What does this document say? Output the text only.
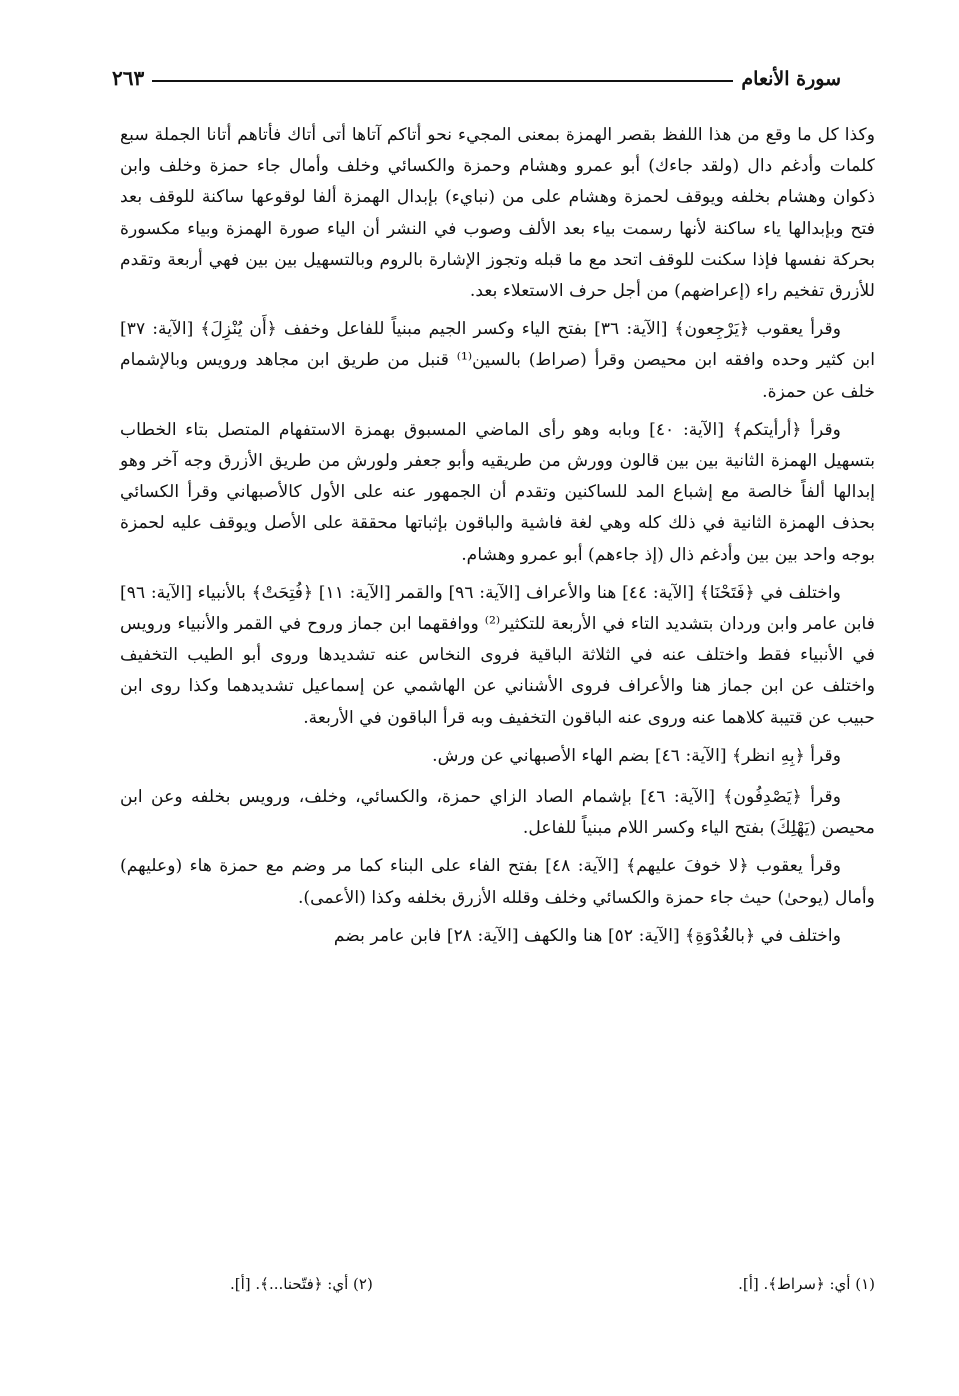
سورة الأنعام
٢٦٣

وكذا كل ما وقع من هذا اللفظ بقصر الهمزة بمعنى المجيء نحو أتاكم آتاها أتى أتاك فأتاهم أتانا الجملة سبع كلمات وأدغم دال (ولقد جاءك) أبو عمرو وهشام وحمزة والكسائي وخلف وأمال جاء حمزة وخلف وابن ذكوان وهشام بخلفه ويوقف لحمزة وهشام على من (نبايء) بإبدال الهمزة ألفا لوقوعها ساكنة للوقف بعد فتح وبإبدالها ياء ساكنة لأنها رسمت بياء بعد الألف وصوب في النشر أن الياء صورة الهمزة وبياء مكسورة بحركة نفسها فإذا سكنت للوقف اتحد مع ما قبله وتجوز الإشارة بالروم وبالتسهيل بين بين فهي أربعة وتقدم للأزرق تفخيم راء (إعراضهم) من أجل حرف الاستعلاء بعد.

وقرأ يعقوب ﴿يَرْجِعون﴾ [الآية: ٣٦] بفتح الياء وكسر الجيم مبنياً للفاعل وخفف ﴿أَن يُنْزِلَ﴾ [الآية: ٣٧] ابن كثير وحده وافقه ابن محيصن وقرأ (صراط) بالسين⁽¹⁾ قنبل من طريق ابن مجاهد ورويس وبالإشمام خلف عن حمزة.

وقرأ ﴿أرأيتكم﴾ [الآية: ٤٠] وبابه وهو رأى الماضي المسبوق بهمزة الاستفهام المتصل بتاء الخطاب بتسهيل الهمزة الثانية بين بين قالون وورش من طريقيه وأبو جعفر ولورش من طريق الأزرق وجه آخر وهو إبدالها ألفاً خالصة مع إشباع المد للساكنين وتقدم أن الجمهور عنه على الأول كالأصبهاني وقرأ الكسائي بحذف الهمزة الثانية في ذلك كله وهي لغة فاشية والباقون بإثباتها محققة على الأصل ويوقف عليه لحمزة بوجه واحد بين بين وأدغم ذال (إذ جاءهم) أبو عمرو وهشام.

واختلف في ﴿فَتَحْنَا﴾ [الآية: ٤٤] هنا والأعراف [الآية: ٩٦] والقمر [الآية: ١١] ﴿فُتِحَتْ﴾ بالأنبياء [الآية: ٩٦] فابن عامر وابن وردان بتشديد التاء في الأربعة للتكثير⁽²⁾ ووافقهما ابن جماز وروح في القمر والأنبياء ورويس في الأنبياء فقط واختلف عنه في الثلاثة الباقية فروى النخاس عنه تشديدها وروى أبو الطيب التخفيف واختلف عن ابن جماز هنا والأعراف فروى الأشناني عن الهاشمي عن إسماعيل تشديدهما وكذا روى ابن حبيب عن قتيبة كلاهما عنه وروى عنه الباقون التخفيف وبه قرأ الباقون في الأربعة.

وقرأ ﴿بِهِ انظر﴾ [الآية: ٤٦] بضم الهاء الأصبهاني عن ورش.

وقرأ ﴿يَصْدِفُون﴾ [الآية: ٤٦] بإشمام الصاد الزاي حمزة، والكسائي، وخلف، ورويس بخلفه وعن ابن محيصن (يَهْلِكَ) بفتح الياء وكسر اللام مبنياً للفاعل.

وقرأ يعقوب ﴿لا خوفَ عليهم﴾ [الآية: ٤٨] بفتح الفاء على البناء كما مر وضم مع حمزة هاء (وعليهم) وأمال (يوحىٰ) حيث جاء حمزة والكسائي وخلف وقلله الأزرق بخلفه وكذا (الأعمى).

واختلف في ﴿بالغُدْوَةِ﴾ [الآية: ٥٢] هنا والكهف [الآية: ٢٨] فابن عامر بضم

(١) أي: ﴿سراط﴾. [أ].
(٢) أي: ﴿فتّحنا...﴾. [أ].
